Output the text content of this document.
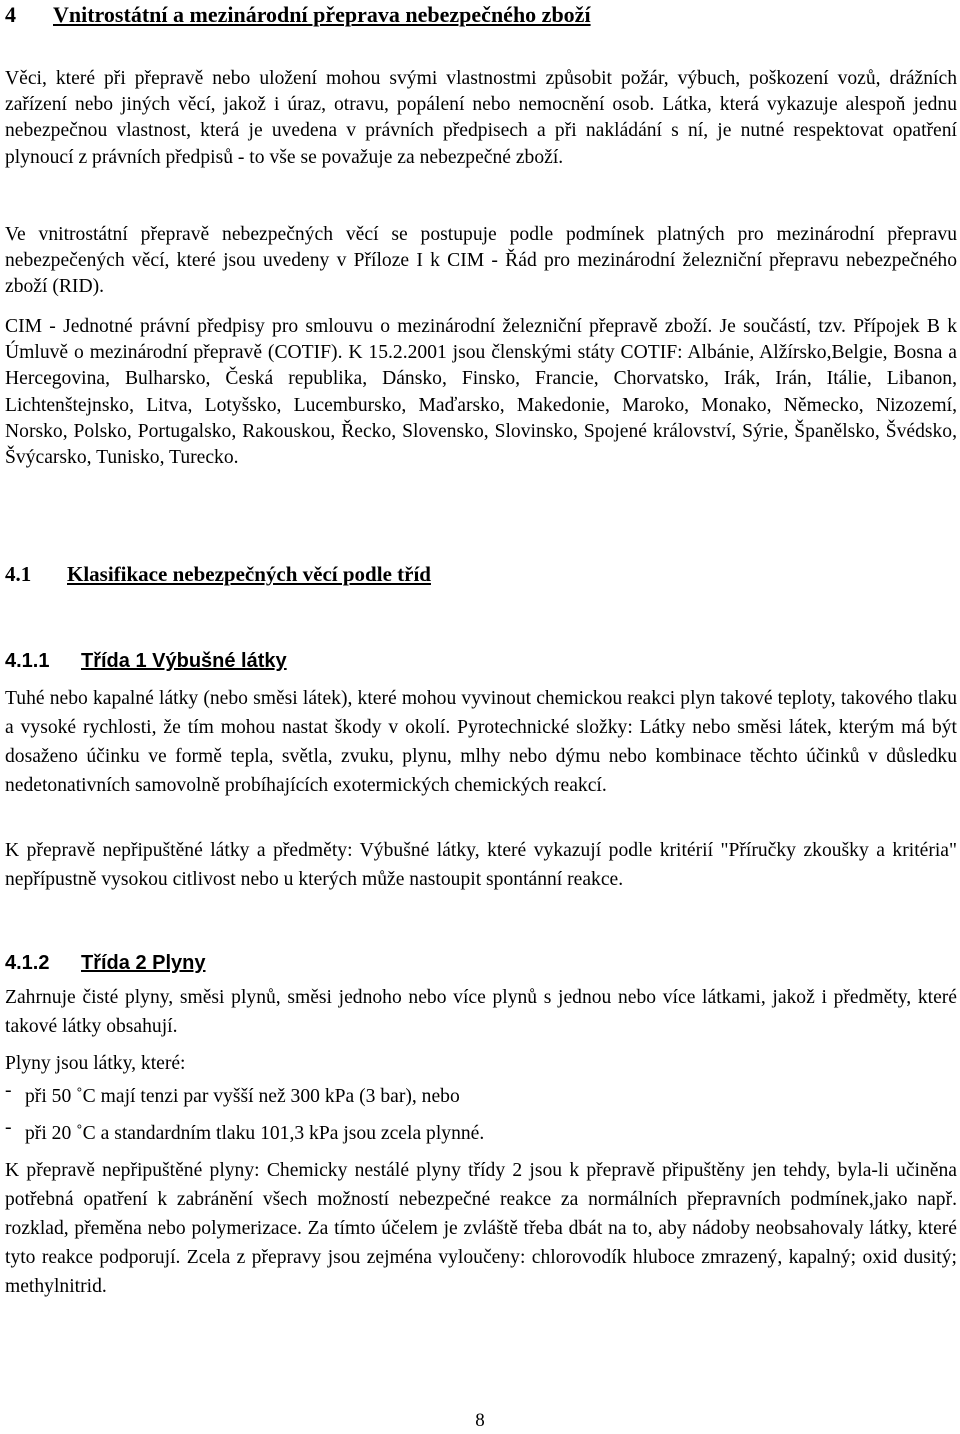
4 Vnitrostátní a mezinárodní přeprava nebezpečného zboží

Věci, které při přepravě nebo uložení mohou svými vlastnostmi způsobit požár, výbuch, poškození vozů, drážních zařízení nebo jiných věcí, jakož i úraz, otravu, popálení nebo nemocnění osob. Látka, která vykazuje alespoň jednu nebezpečnou vlastnost, která je uvedena v právních předpisech a při nakládání s ní, je nutné respektovat opatření plynoucí z právních předpisů - to vše se považuje za nebezpečné zboží.

Ve vnitrostátní přepravě nebezpečných věcí se postupuje podle podmínek platných pro mezinárodní přepravu nebezpečených věcí, které jsou uvedeny v Příloze I k CIM - Řád pro mezinárodní železniční přepravu nebezpečného zboží (RID).

CIM - Jednotné právní předpisy pro smlouvu o mezinárodní železniční přepravě zboží. Je součástí, tzv. Přípojek B k Úmluvě o mezinárodní přepravě (COTIF). K 15.2.2001 jsou členskými státy COTIF: Albánie, Alžírsko,Belgie, Bosna a Hercegovina, Bulharsko, Česká republika, Dánsko, Finsko, Francie, Chorvatsko, Irák, Irán, Itálie, Libanon, Lichtenštejnsko, Litva, Lotyšsko, Lucembursko, Maďarsko, Makedonie, Maroko, Monako, Německo, Nizozemí, Norsko, Polsko, Portugalsko, Rakouskou, Řecko, Slovensko, Slovinsko, Spojené království, Sýrie, Španělsko, Švédsko, Švýcarsko, Tunisko, Turecko.

4.1 Klasifikace nebezpečných věcí podle tříd
4.1.1 Třída 1 Výbušné látky

Tuhé nebo kapalné látky (nebo směsi látek), které mohou vyvinout chemickou reakci plyn takové teploty, takového tlaku a vysoké rychlosti, že tím mohou nastat škody v okolí. Pyrotechnické složky: Látky nebo směsi látek, kterým má být dosaženo účinku ve formě tepla, světla, zvuku, plynu, mlhy nebo dýmu nebo kombinace těchto účinků v důsledku nedetonativních samovolně probíhajících exotermických chemických reakcí.

K přepravě nepřipuštěné látky a předměty: Výbušné látky, které vykazují podle kritérií "Příručky zkoušky a kritéria" nepřípustně vysokou citlivost nebo u kterých může nastoupit spontánní reakce.

4.1.2 Třída 2 Plyny

Zahrnuje čisté plyny, směsi plynů, směsi jednoho nebo více plynů s jednou nebo více látkami, jakož i předměty, které takové látky obsahují.

Plyny jsou látky, které:

- při 50 ˚C mají tenzi par vyšší než 300 kPa (3 bar), nebo
- při 20 ˚C a standardním tlaku 101,3 kPa jsou zcela plynné.

K přepravě nepřipuštěné plyny: Chemicky nestálé plyny třídy 2 jsou k přepravě připuštěny jen tehdy, byla-li učiněna potřebná opatření k zabránění všech možností nebezpečné reakce za normálních přepravních podmínek,jako např. rozklad, přeměna nebo polymerizace. Za tímto účelem je zvláště třeba dbát na to, aby nádoby neobsahovaly látky, které tyto reakce podporují. Zcela z přepravy jsou zejména vyloučeny: chlorovodík hluboce zmrazený, kapalný; oxid dusitý; methylnitrid.

8
